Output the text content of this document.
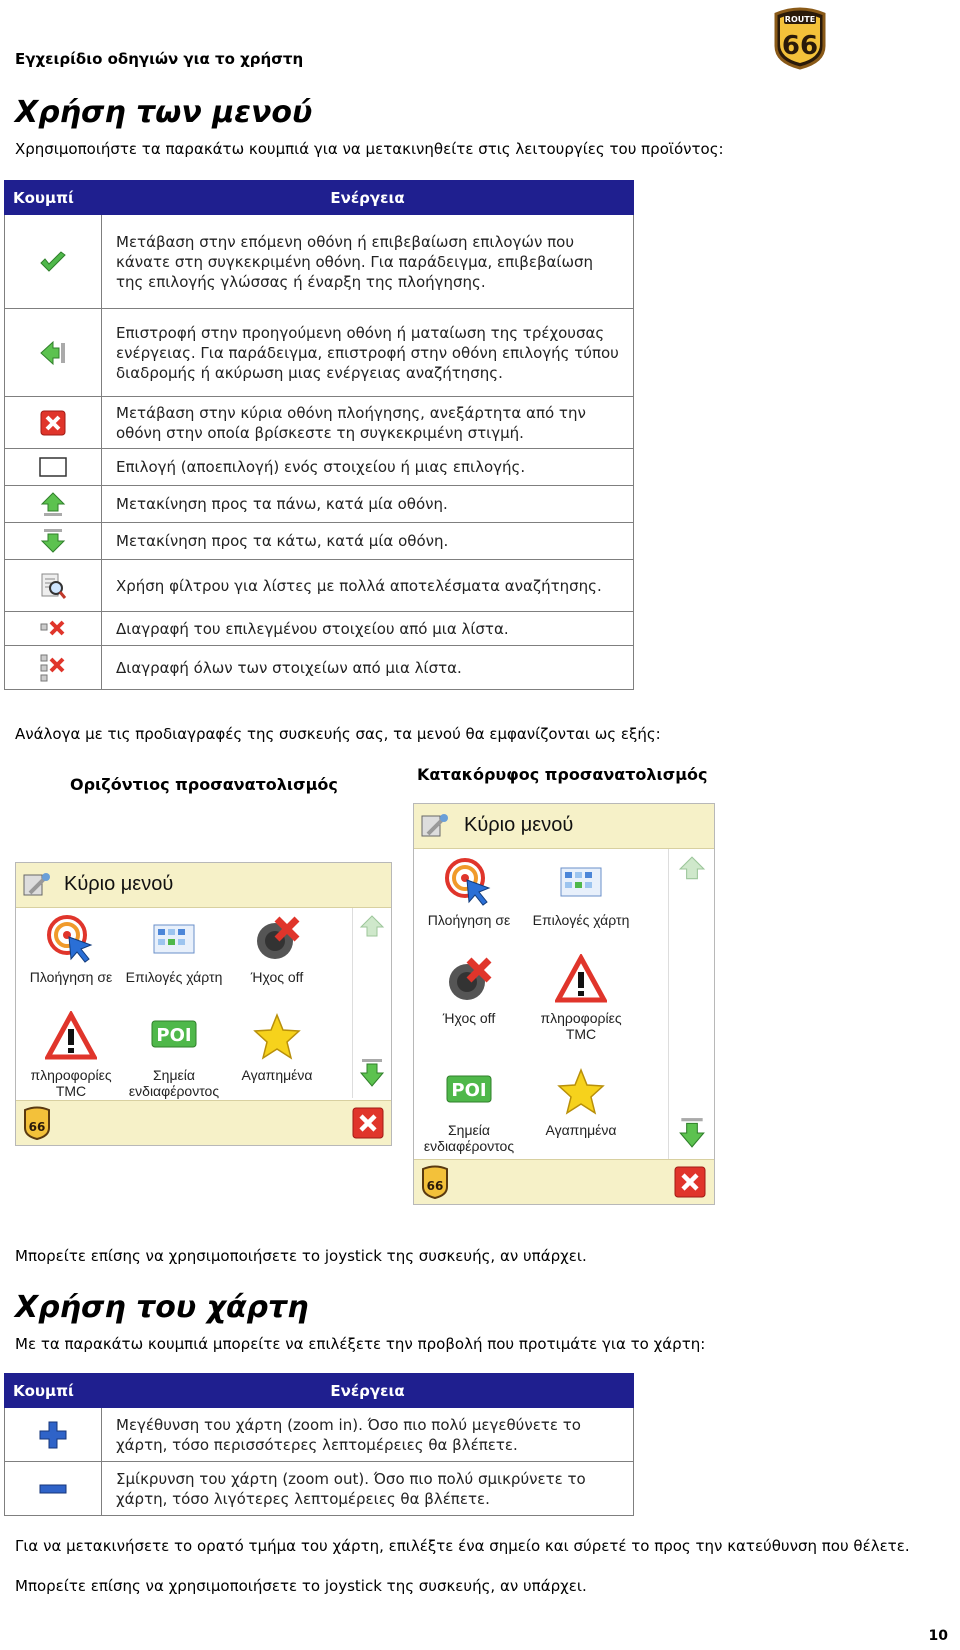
Εγχειρίδιο οδηγιών για το χρήστη
ROUTE
66
Χρήση των μενού
Χρησιμοποιήστε τα παρακάτω κουμπιά για να μετακινηθείτε στις λειτουργίες του προϊόντος:
Κουμπί	Ενέργεια

	Μετάβαση στην επόμενη οθόνη ή επιβεβαίωση επιλογών που κάνατε στη συγκεκριμένη οθόνη. Για παράδειγμα, επιβεβαίωση της επιλογής γλώσσας ή έναρξη της πλοήγησης.

	Επιστροφή στην προηγούμενη οθόνη ή ματαίωση της τρέχουσας ενέργειας. Για παράδειγμα, επιστροφή στην οθόνη επιλογής τύπου διαδρομής ή ακύρωση μιας ενέργειας αναζήτησης.

	Μετάβαση στην κύρια οθόνη πλοήγησης, ανεξάρτητα από την οθόνη στην οποία βρίσκεστε τη συγκεκριμένη στιγμή.

	Επιλογή (αποεπιλογή) ενός στοιχείου ή μιας επιλογής.

	Μετακίνηση προς τα πάνω, κατά μία οθόνη.

	Μετακίνηση προς τα κάτω, κατά μία οθόνη.

	Χρήση φίλτρου για λίστες με πολλά αποτελέσματα αναζήτησης.

	Διαγραφή του επιλεγμένου στοιχείου από μια λίστα.

	Διαγραφή όλων των στοιχείων από μια λίστα.
Ανάλογα με τις προδιαγραφές της συσκευής σας, τα μενού θα εμφανίζονται ως εξής:
Οριζόντιος προσανατολισμός
Κατακόρυφος προσανατολισμός
Κύριο μενού
Πλοήγηση σε Επιλογές χάρτη	Ήχος off
πληροφορίες TMC
POI
Σημεία ενδιαφέροντος
Αγαπημένα
66
Κύριο μενού
Πλοήγηση σε	Επιλογές χάρτη
Ήχος off	πληροφορίες TMC
POI
Σημεία ενδιαφέροντος
Αγαπημένα
66
Μπορείτε επίσης να χρησιμοποιήσετε το joystick της συσκευής, αν υπάρχει.
Χρήση του χάρτη
Με τα παρακάτω κουμπιά μπορείτε να επιλέξετε την προβολή που προτιμάτε για το χάρτη:
Κουμπί	Ενέργεια

	Μεγέθυνση του χάρτη (zoom in). Όσο πιο πολύ μεγεθύνετε το χάρτη, τόσο περισσότερες λεπτομέρειες θα βλέπετε.

	Σμίκρυνση του χάρτη (zoom out). Όσο πιο πολύ σμικρύνετε το χάρτη, τόσο λιγότερες λεπτομέρειες θα βλέπετε.
Για να μετακινήσετε το ορατό τμήμα του χάρτη, επιλέξτε ένα σημείο και σύρετέ το προς την κατεύθυνση που θέλετε.
Μπορείτε επίσης να χρησιμοποιήσετε το joystick της συσκευής, αν υπάρχει.
10
